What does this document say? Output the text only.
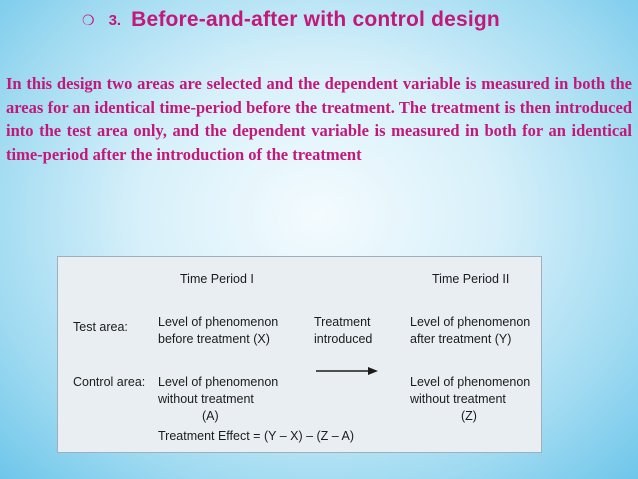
❍ 3. Before-and-after with control design

In this design two areas are selected and the dependent variable is measured in both the areas for an identical time-period before the treatment. The treatment is then introduced into the test area only, and the dependent variable is measured in both for an identical time-period after the introduction of the treatment

Time Period I	Time Period II
Test area: Level of phenomenon
before treatment (X)
Treatment
introduced
Level of phenomenon
after treatment (Y)
Control area: Level of phenomenon
without treatment
(A)
Level of phenomenon
without treatment
(Z)
Treatment Effect = (Y – X) – (Z – A)
